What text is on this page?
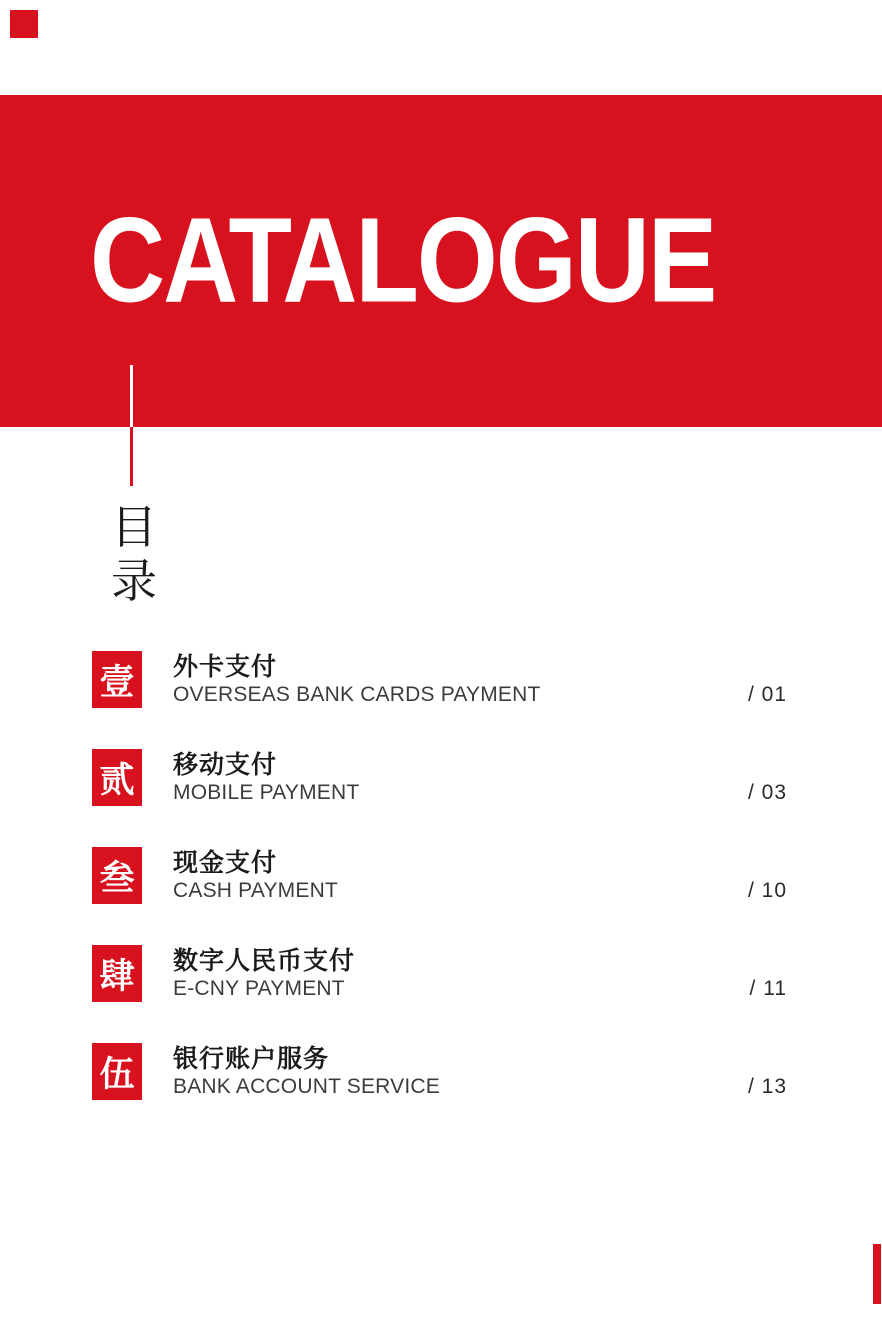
CATALOGUE
目
录
壹 外卡支付
OVERSEAS BANK CARDS PAYMENT	/ 01
贰 移动支付
MOBILE PAYMENT	/ 03
叁 现金支付
CASH PAYMENT	/ 10
肆 数字人民币支付
E-CNY PAYMENT	/ 11
伍 银行账户服务
BANK ACCOUNT SERVICE	/ 13
